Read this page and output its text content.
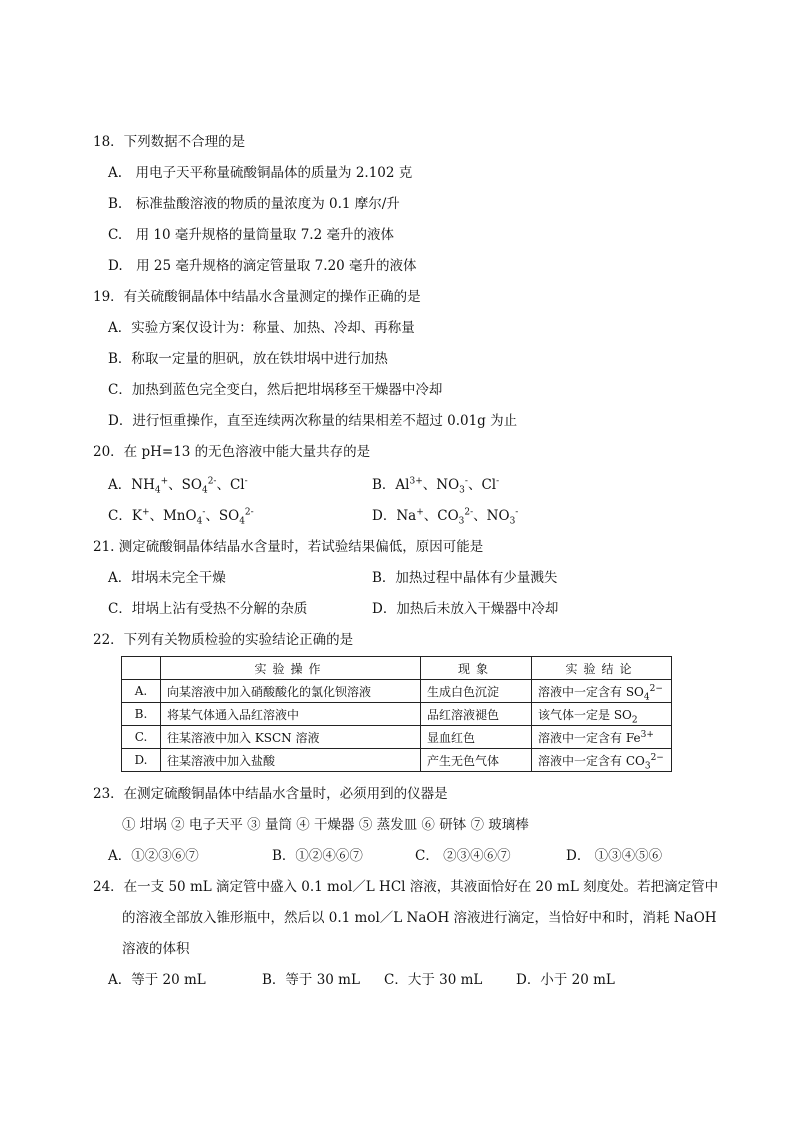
18．下列数据不合理的是
A.　用电子天平称量硫酸铜晶体的质量为 2.102 克
B.　标准盐酸溶液的物质的量浓度为 0.1 摩尔/升
C.　用 10 毫升规格的量筒量取 7.2 毫升的液体
D.　用 25 毫升规格的滴定管量取 7.20 毫升的液体
19．有关硫酸铜晶体中结晶水含量测定的操作正确的是
A．实验方案仅设计为：称量、加热、冷却、再称量
B．称取一定量的胆矾，放在铁坩埚中进行加热
C．加热到蓝色完全变白，然后把坩埚移至干燥器中冷却
D．进行恒重操作，直至连续两次称量的结果相差不超过 0.01g 为止
20．在 pH=13 的无色溶液中能大量共存的是
A．$NH_4^+$、$SO_4^{2-}$、Cl-	B．$Al^{3+}$、$NO_3^-$、Cl-
C．K+、MnO$_4$-、$SO_4^{2-}$	D．Na+、$CO_3^{2-}$、$NO_3^-$
21. 测定硫酸铜晶体结晶水含量时，若试验结果偏低，原因可能是
A．坩埚未完全干燥	B．加热过程中晶体有少量溅失
C．坩埚上沾有受热不分解的杂质	D．加热后未放入干燥器中冷却
22．下列有关物质检验的实验结论正确的是
	实验操作	现象	实验结论
A.	向某溶液中加入硝酸酸化的氯化钡溶液	生成白色沉淀	溶液中一定含有 $SO_4^{2-}$
B.	将某气体通入品红溶液中	品红溶液褪色	该气体一定是 $SO_2$
C.	往某溶液中加入 KSCN 溶液	显血红色	溶液中一定含有 $Fe^{3+}$
D.	往某溶液中加入盐酸	产生无色气体	溶液中一定含有 $CO_3^{2-}$
23．在测定硫酸铜晶体中结晶水含量时，必须用到的仪器是
① 坩埚 ② 电子天平 ③ 量筒 ④ 干燥器 ⑤ 蒸发皿 ⑥ 研钵 ⑦ 玻璃棒
A．①②③⑥⑦	B．①②④⑥⑦	C． ②③④⑥⑦	D． ①③④⑤⑥
24．在一支 50 mL 滴定管中盛入 0.1 mol／L HCl 溶液，其液面恰好在 20 mL 刻度处。若把滴定管中
的溶液全部放入锥形瓶中，然后以 0.1 mol／L NaOH 溶液进行滴定，当恰好中和时，消耗 NaOH
溶液的体积
A．等于 20 mL	B．等于 30 mL C．大于 30 mL D．小于 20 mL
